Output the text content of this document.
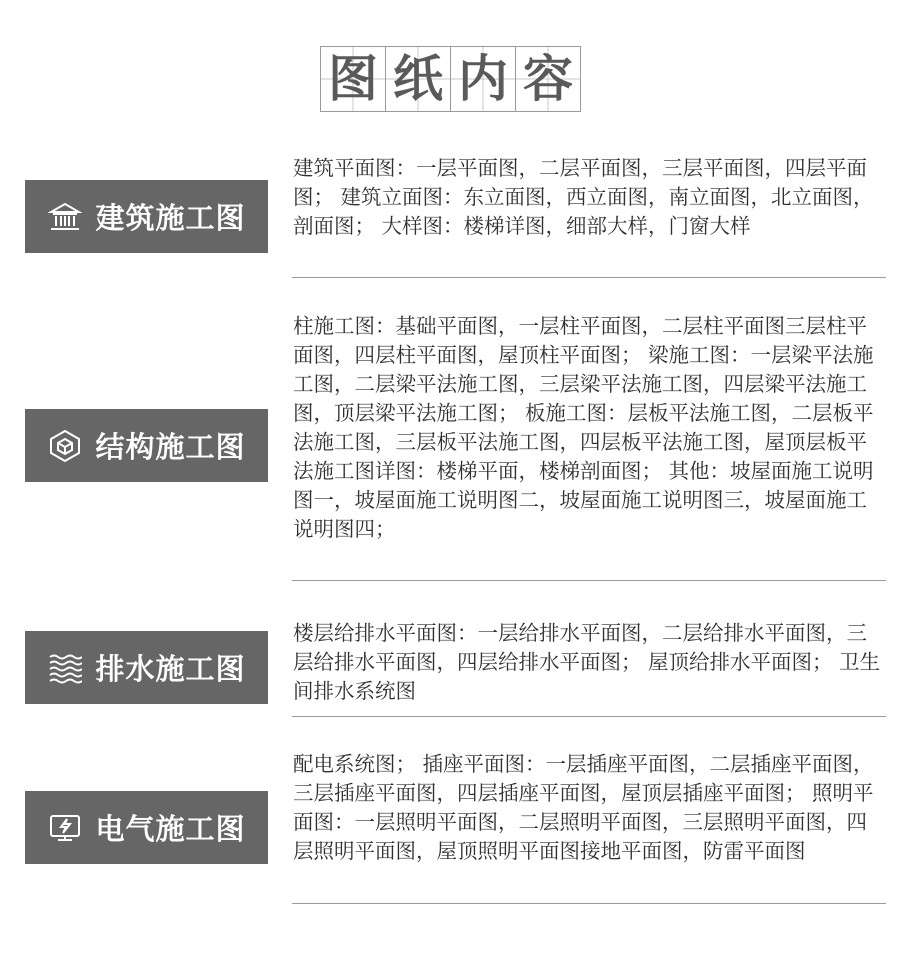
图 纸 内 容
建筑施工图

建筑平面图：一层平面图，二层平面图，三层平面图，四层平面图； 建筑立面图：东立面图，西立面图，南立面图，北立面图，剖面图； 大样图：楼梯详图，细部大样，门窗大样

结构施工图

柱施工图：基础平面图，一层柱平面图，二层柱平面图三层柱平面图，四层柱平面图，屋顶柱平面图； 梁施工图：一层梁平法施工图，二层梁平法施工图，三层梁平法施工图，四层梁平法施工图，顶层梁平法施工图； 板施工图：层板平法施工图，二层板平法施工图，三层板平法施工图，四层板平法施工图，屋顶层板平法施工图详图：楼梯平面，楼梯剖面图； 其他：坡屋面施工说明图一，坡屋面施工说明图二，坡屋面施工说明图三，坡屋面施工说明图四；

排水施工图

楼层给排水平面图：一层给排水平面图，二层给排水平面图，三层给排水平面图，四层给排水平面图； 屋顶给排水平面图； 卫生间排水系统图

电气施工图

配电系统图； 插座平面图：一层插座平面图，二层插座平面图，三层插座平面图，四层插座平面图，屋顶层插座平面图； 照明平面图：一层照明平面图，二层照明平面图，三层照明平面图，四层照明平面图，屋顶照明平面图接地平面图，防雷平面图
